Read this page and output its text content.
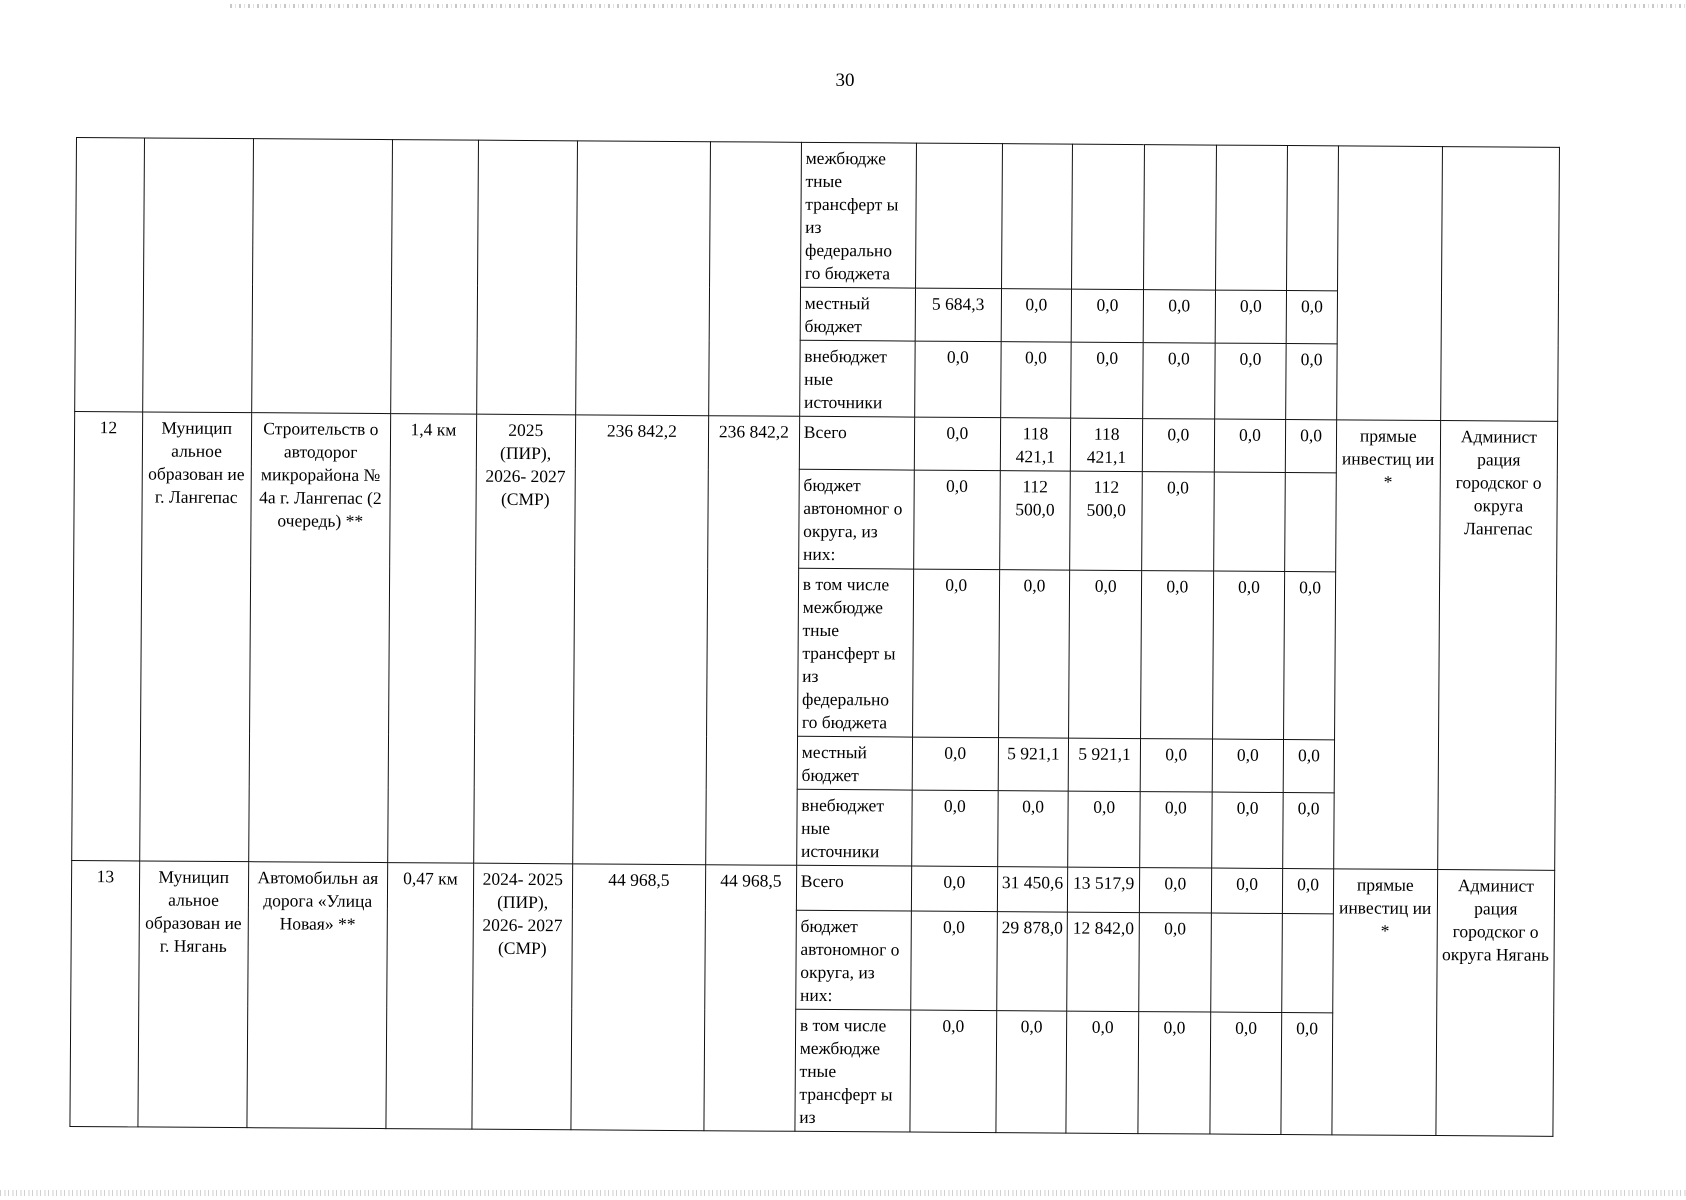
30
							межбюдже тные трансферт ы из федерально го бюджета								
							местный бюджет	5 684,3	0,0	0,0	0,0	0,0	0,0		
							внебюджет ные источники	0,0	0,0	0,0	0,0	0,0	0,0		
12	Муницип альное образован ие г. Лангепас	Строительств о автодорог микрорайона № 4а г. Лангепас (2 очередь) **	1,4 км	2025 (ПИР), 2026- 2027 (СМР)	236 842,2	236 842,2	Всего	0,0	118 421,1	118 421,1	0,0	0,0	0,0	прямые инвестиц ии *	Админист рация городског о округа Лангепас
							бюджет автономног о округа, из них:	0,0	112 500,0	112 500,0	0,0				
							в том числе межбюдже тные трансферт ы из федерально го бюджета	0,0	0,0	0,0	0,0	0,0	0,0		
							местный бюджет	0,0	5 921,1	5 921,1	0,0	0,0	0,0		
							внебюджет ные источники	0,0	0,0	0,0	0,0	0,0	0,0		
13	Муницип альное образован ие г. Нягань	Автомобильн ая дорога «Улица Новая» **	0,47 км	2024- 2025 (ПИР), 2026- 2027 (СМР)	44 968,5	44 968,5	Всего	0,0	31 450,6	13 517,9	0,0	0,0	0,0	прямые инвестиц ии *	Админист рация городског о округа Нягань
							бюджет автономног о округа, из них:	0,0	29 878,0	12 842,0	0,0				
							в том числе межбюдже тные трансферт ы из	0,0	0,0	0,0	0,0	0,0	0,0		
